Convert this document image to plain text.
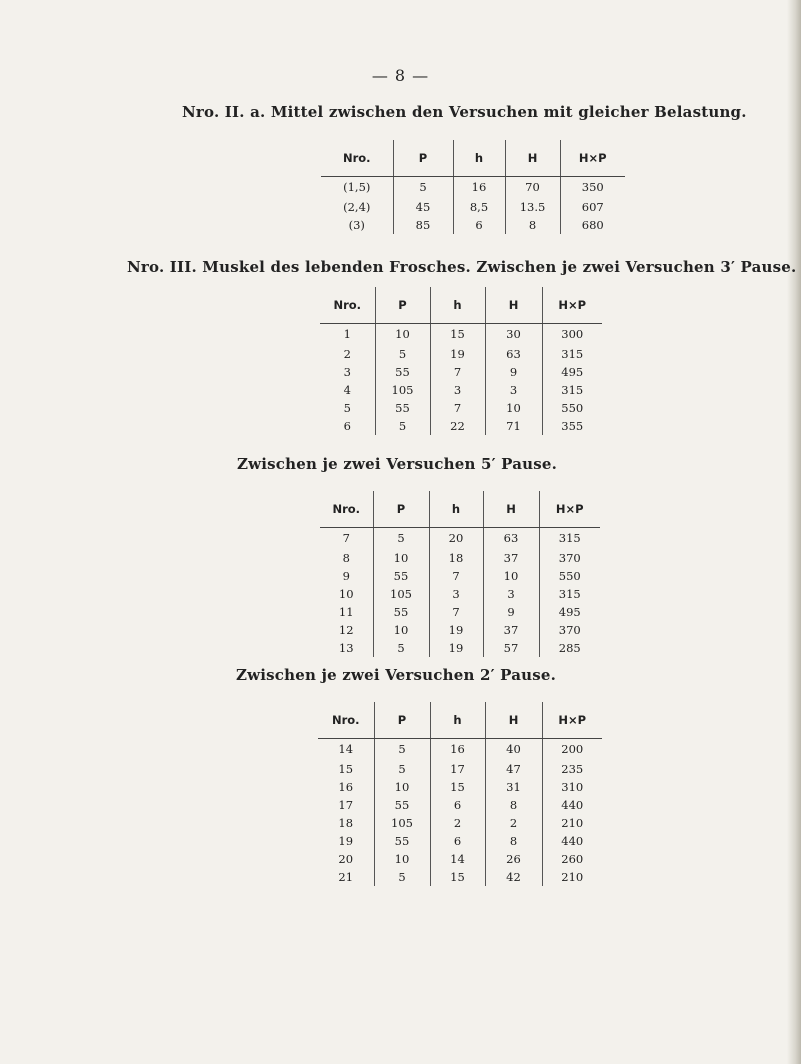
— 8 —
Nro. II. a. Mittel zwischen den Versuchen mit gleicher Belastung.
Nro.	P	h	H	H×P
(1,5)	5	16	70	350
(2,4)	45	8,5	13.5	607
(3)	85	6	8	680
Nro. III. Muskel des lebenden Frosches. Zwischen je zwei Versuchen 3′ Pause.
Nro.	P	h	H	H×P
1	10	15	30	300
2	5	19	63	315
3	55	7	9	495
4	105	3	3	315
5	55	7	10	550
6	5	22	71	355
Zwischen je zwei Versuchen 5′ Pause.
Nro.	P	h	H	H×P
7	5	20	63	315
8	10	18	37	370
9	55	7	10	550
10	105	3	3	315
11	55	7	9	495
12	10	19	37	370
13	5	19	57	285
Zwischen je zwei Versuchen 2′ Pause.
Nro.	P	h	H	H×P
14	5	16	40	200
15	5	17	47	235
16	10	15	31	310
17	55	6	8	440
18	105	2	2	210
19	55	6	8	440
20	10	14	26	260
21	5	15	42	210
